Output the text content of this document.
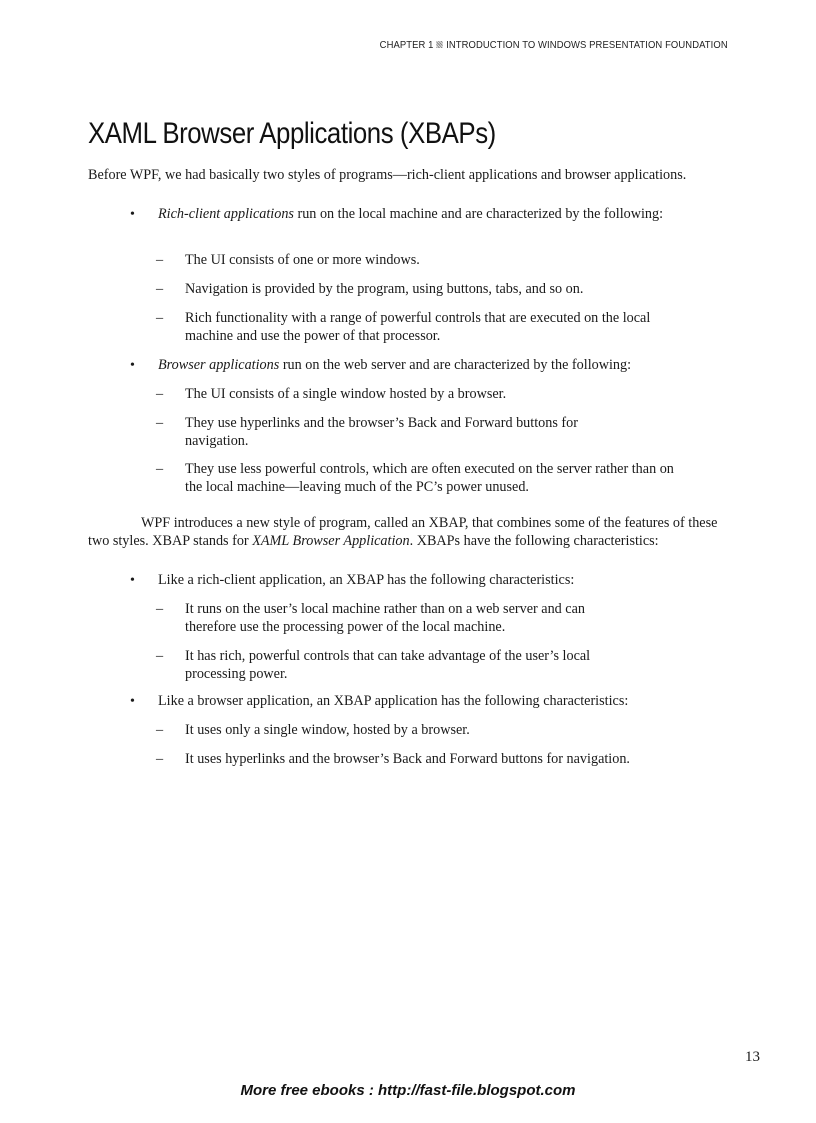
CHAPTER 1 INTRODUCTION TO WINDOWS PRESENTATION FOUNDATION
XAML Browser Applications (XBAPs)

Before WPF, we had basically two styles of programs—rich-client applications and browser applications.

• Rich-client applications run on the local machine and are characterized by the following:

– The UI consists of one or more windows.

– Navigation is provided by the program, using buttons, tabs, and so on.

– Rich functionality with a range of powerful controls that are executed on the local machine and use the power of that processor.

• Browser applications run on the web server and are characterized by the following:

– The UI consists of a single window hosted by a browser.

– They use hyperlinks and the browser’s Back and Forward buttons for navigation.

– They use less powerful controls, which are often executed on the server rather than on the local machine—leaving much of the PC’s power unused.

WPF introduces a new style of program, called an XBAP, that combines some of the features of these two styles. XBAP stands for XAML Browser Application. XBAPs have the following characteristics:

• Like a rich-client application, an XBAP has the following characteristics:

– It runs on the user’s local machine rather than on a web server and can therefore use the processing power of the local machine.

– It has rich, powerful controls that can take advantage of the user’s local processing power.

• Like a browser application, an XBAP application has the following characteristics:

– It uses only a single window, hosted by a browser.

– It uses hyperlinks and the browser’s Back and Forward buttons for navigation.

13
More free ebooks : http://fast-file.blogspot.com
